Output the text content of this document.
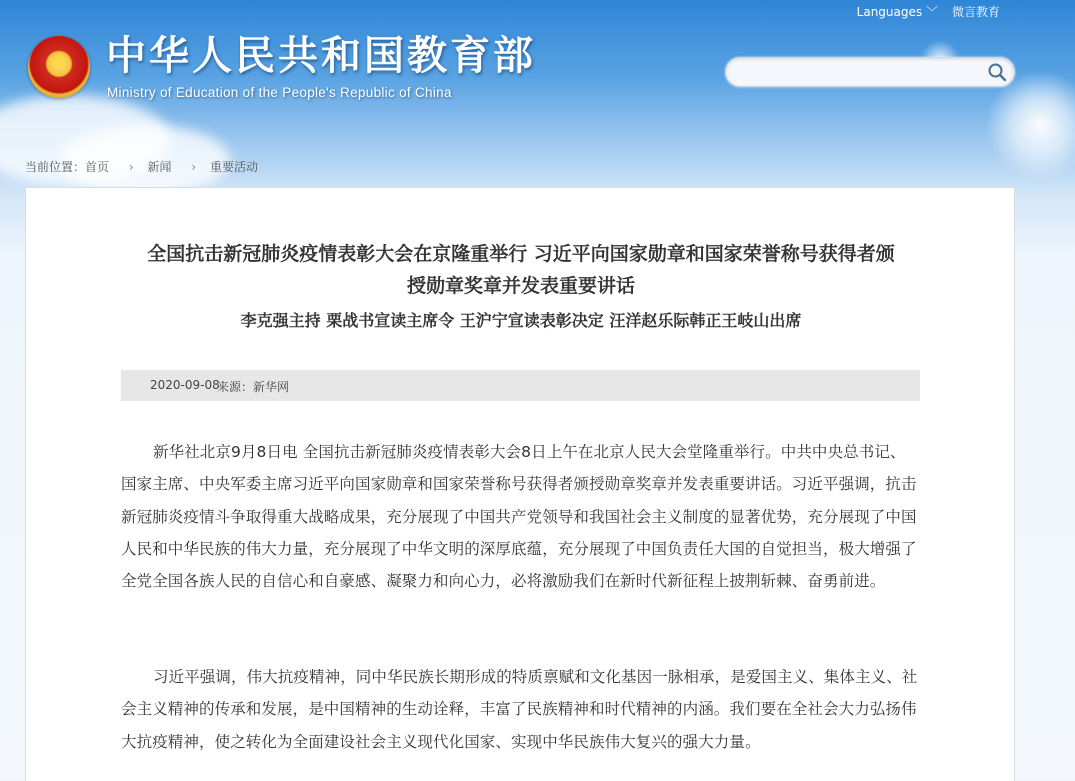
Languages ﹀ 微言教育
★ 中华人民共和国教育部
Ministry of Education of the People's Republic of China
当前位置：首页 › 新闻 › 重要活动
全国抗击新冠肺炎疫情表彰大会在京隆重举行 习近平向国家勋章和国家荣誉称号获得者颁
授勋章奖章并发表重要讲话
李克强主持 栗战书宣读主席令 王沪宁宣读表彰决定 汪洋赵乐际韩正王岐山出席
2020-09-08
来源：新华网
新华社北京9月8日电 全国抗击新冠肺炎疫情表彰大会8日上午在北京人民大会堂隆重举行。中共中央总书记、国家主席、中央军委主席习近平向国家勋章和国家荣誉称号获得者颁授勋章奖章并发表重要讲话。习近平强调，抗击新冠肺炎疫情斗争取得重大战略成果，充分展现了中国共产党领导和我国社会主义制度的显著优势，充分展现了中国人民和中华民族的伟大力量，充分展现了中华文明的深厚底蕴，充分展现了中国负责任大国的自觉担当，极大增强了全党全国各族人民的自信心和自豪感、凝聚力和向心力，必将激励我们在新时代新征程上披荆斩棘、奋勇前进。
习近平强调，伟大抗疫精神，同中华民族长期形成的特质禀赋和文化基因一脉相承，是爱国主义、集体主义、社会主义精神的传承和发展，是中国精神的生动诠释，丰富了民族精神和时代精神的内涵。我们要在全社会大力弘扬伟大抗疫精神，使之转化为全面建设社会主义现代化国家、实现中华民族伟大复兴的强大力量。
